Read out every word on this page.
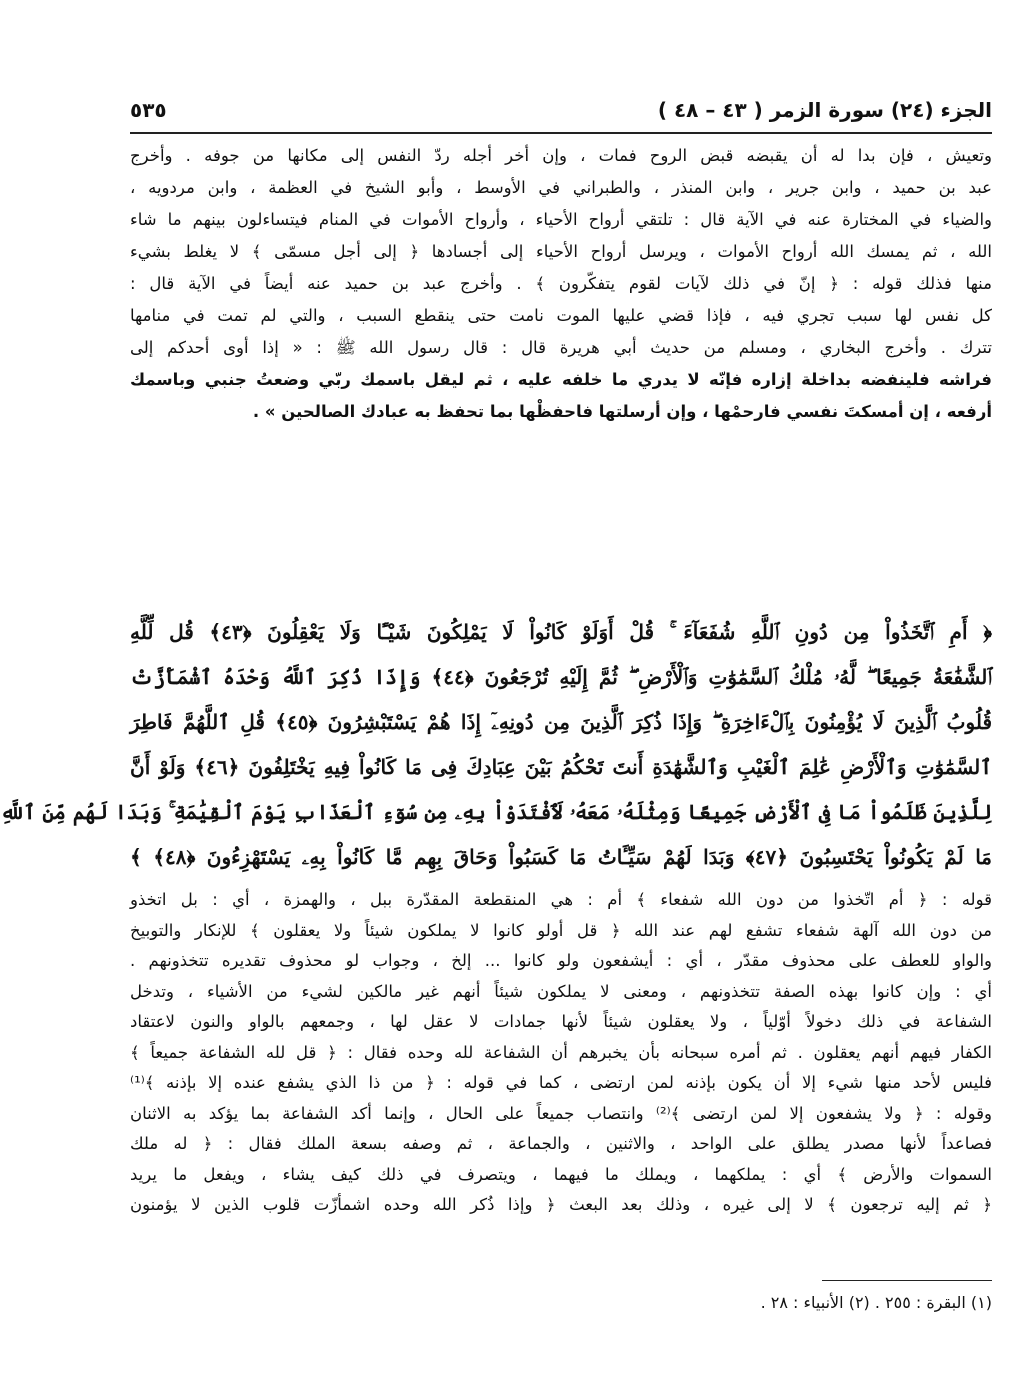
الجزء (٢٤) سورة الزمر ( ٤٣ – ٤٨ )
٥٣٥
وتعيش ، فإن بدا له أن يقبضه قبض الروح فمات ، وإن أخر أجله ردّ النفس إلى مكانها من جوفه . وأخرج
عبد بن حميد ، وابن جرير ، وابن المنذر ، والطبراني في الأوسط ، وأبو الشيخ في العظمة ، وابن مردويه ،
والضياء في المختارة عنه في الآية قال : تلتقي أرواح الأحياء ، وأرواح الأموات في المنام فيتساءلون بينهم ما شاء
الله ، ثم يمسك الله أرواح الأموات ، ويرسل أرواح الأحياء إلى أجسادها ﴿ إلى أجل مسمّى ﴾ لا يغلط بشيء
منها فذلك قوله : ﴿ إنّ في ذلك لآيات لقوم يتفكّرون ﴾ . وأخرج عبد بن حميد عنه أيضاً في الآية قال :
كل نفس لها سبب تجري فيه ، فإذا قضي عليها الموت نامت حتى ينقطع السبب ، والتي لم تمت في منامها
تترك . وأخرج البخاري ، ومسلم من حديث أبي هريرة قال : قال رسول الله ﷺ : « إذا أوى أحدكم إلى
فراشه فلينفضه بداخلة إزاره فإنّه لا يدري ما خلفه عليه ، ثم ليقل باسمك ربّي وضعتُ جنبي وباسمك
أرفعه ، إن أمسكتَ نفسي فارحمْها ، وإن أرسلتها فاحفظْها بما تحفظ به عبادك الصالحين » .
﴿ أَمِ ٱتَّخَذُواْ مِن دُونِ ٱللَّهِ شُفَعَآءَ ۚ قُلْ أَوَلَوْ كَانُواْ لَا يَمْلِكُونَ شَيْـًٔا وَلَا يَعْقِلُونَ ﴿٤٣﴾ قُل لِّلَّهِ
ٱلشَّفَٰعَةُ جَمِيعًا ۖ لَّهُۥ مُلْكُ ٱلسَّمَٰوَٰتِ وَٱلْأَرْضِ ۖ ثُمَّ إِلَيْهِ تُرْجَعُونَ ﴿٤٤﴾ وَإِذَا ذُكِرَ ٱللَّهُ وَحْدَهُ ٱشْمَأَزَّتْ
قُلُوبُ ٱلَّذِينَ لَا يُؤْمِنُونَ بِٱلْءَاخِرَةِ ۖ وَإِذَا ذُكِرَ ٱلَّذِينَ مِن دُونِهِۦٓ إِذَا هُمْ يَسْتَبْشِرُونَ ﴿٤٥﴾ قُلِ ٱللَّهُمَّ فَاطِرَ
ٱلسَّمَٰوَٰتِ وَٱلْأَرْضِ عَٰلِمَ ٱلْغَيْبِ وَٱلشَّهَٰدَةِ أَنتَ تَحْكُمُ بَيْنَ عِبَادِكَ فِى مَا كَانُواْ فِيهِ يَخْتَلِفُونَ ﴿٤٦﴾ وَلَوْ أَنَّ
لِلَّذِينَ ظَلَمُواْ مَا فِى ٱلْأَرْضِ جَمِيعًا وَمِثْلَهُۥ مَعَهُۥ لَٱفْتَدَوْاْ بِهِۦ مِن سُوٓءِ ٱلْعَذَابِ يَوْمَ ٱلْقِيَٰمَةِ ۚ وَبَدَا لَهُم مِّنَ ٱللَّهِ
مَا لَمْ يَكُونُواْ يَحْتَسِبُونَ ﴿٤٧﴾ وَبَدَا لَهُمْ سَيِّـَٔاتُ مَا كَسَبُواْ وَحَاقَ بِهِم مَّا كَانُواْ بِهِۦ يَسْتَهْزِءُونَ ﴿٤٨﴾ ﴾
قوله : ﴿ أم اتّخذوا من دون الله شفعاء ﴾ أم : هي المنقطعة المقدّرة ببل ، والهمزة ، أي : بل اتخذو
من دون الله آلهة شفعاء تشفع لهم عند الله ﴿ قل أولو كانوا لا يملكون شيئاً ولا يعقلون ﴾ للإنكار والتوبيخ
والواو للعطف على محذوف مقدّر ، أي : أيشفعون ولو كانوا ... إلخ ، وجواب لو محذوف تقديره تتخذونهم .
أي : وإن كانوا بهذه الصفة تتخذونهم ، ومعنى لا يملكون شيئاً أنهم غير مالكين لشيء من الأشياء ، وتدخل
الشفاعة في ذلك دخولاً أوّلياً ، ولا يعقلون شيئاً لأنها جمادات لا عقل لها ، وجمعهم بالواو والنون لاعتقاد
الكفار فيهم أنهم يعقلون . ثم أمره سبحانه بأن يخبرهم أن الشفاعة لله وحده فقال : ﴿ قل لله الشفاعة جميعاً ﴾
فليس لأحد منها شيء إلا أن يكون بإذنه لمن ارتضى ، كما في قوله : ﴿ من ذا الذي يشفع عنده إلا بإذنه ﴾⁽¹⁾
وقوله : ﴿ ولا يشفعون إلا لمن ارتضى ﴾⁽²⁾ وانتصاب جميعاً على الحال ، وإنما أكد الشفاعة بما يؤكد به الاثنان
فصاعداً لأنها مصدر يطلق على الواحد ، والاثنين ، والجماعة ، ثم وصفه بسعة الملك فقال : ﴿ له ملك
السموات والأرض ﴾ أي : يملكهما ، ويملك ما فيهما ، ويتصرف في ذلك كيف يشاء ، ويفعل ما يريد
﴿ ثم إليه ترجعون ﴾ لا إلى غيره ، وذلك بعد البعث ﴿ وإذا ذُكر الله وحده اشمأزّت قلوب الذين لا يؤمنون
(١) البقرة : ٢٥٥ . (٢) الأنبياء : ٢٨ .
